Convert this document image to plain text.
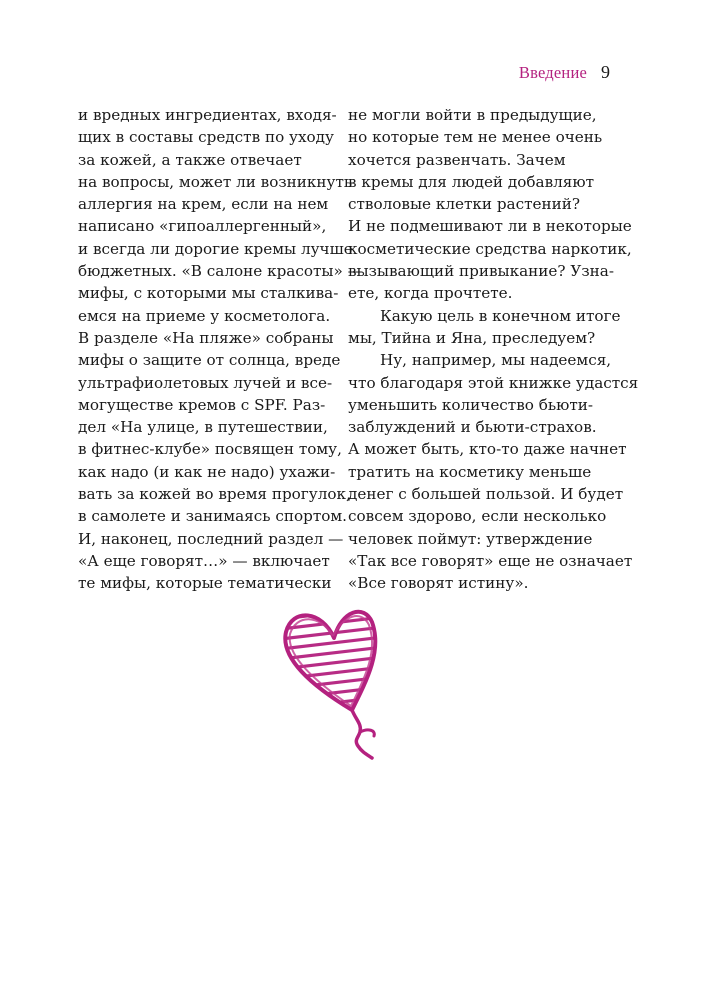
Введение 9
и вредных ингредиентах, входя-
щих в составы средств по уходу
за кожей, а также отвечает
на вопросы, может ли возникнуть
аллергия на крем, если на нем
написано «гипоаллергенный»,
и всегда ли дорогие кремы лучше
бюджетных. «В салоне красоты» —
мифы, с которыми мы сталкива-
емся на приеме у косметолога.
В разделе «На пляже» собраны
мифы о защите от солнца, вреде
ультрафиолетовых лучей и все-
могуществе кремов с SPF. Раз-
дел «На улице, в путешествии,
в фитнес-клубе» посвящен тому,
как надо (и как не надо) ухажи-
вать за кожей во время прогулок,
в самолете и занимаясь спортом.
И, наконец, последний раздел —
«А еще говорят…» — включает
те мифы, которые тематически
не могли войти в предыдущие,
но которые тем не менее очень
хочется развенчать. Зачем
в кремы для людей добавляют
стволовые клетки растений?
И не подмешивают ли в некоторые
косметические средства наркотик,
вызывающий привыкание? Узна-
ете, когда прочтете.
Какую цель в конечном итоге
мы, Тийна и Яна, преследуем?
Ну, например, мы надеемся,
что благодаря этой книжке удастся
уменьшить количество бьюти-
заблуждений и бьюти-страхов.
А может быть, кто-то даже начнет
тратить на косметику меньше
денег с большей пользой. И будет
совсем здорово, если несколько
человек поймут: утверждение
«Так все говорят» еще не означает
«Все говорят истину».
